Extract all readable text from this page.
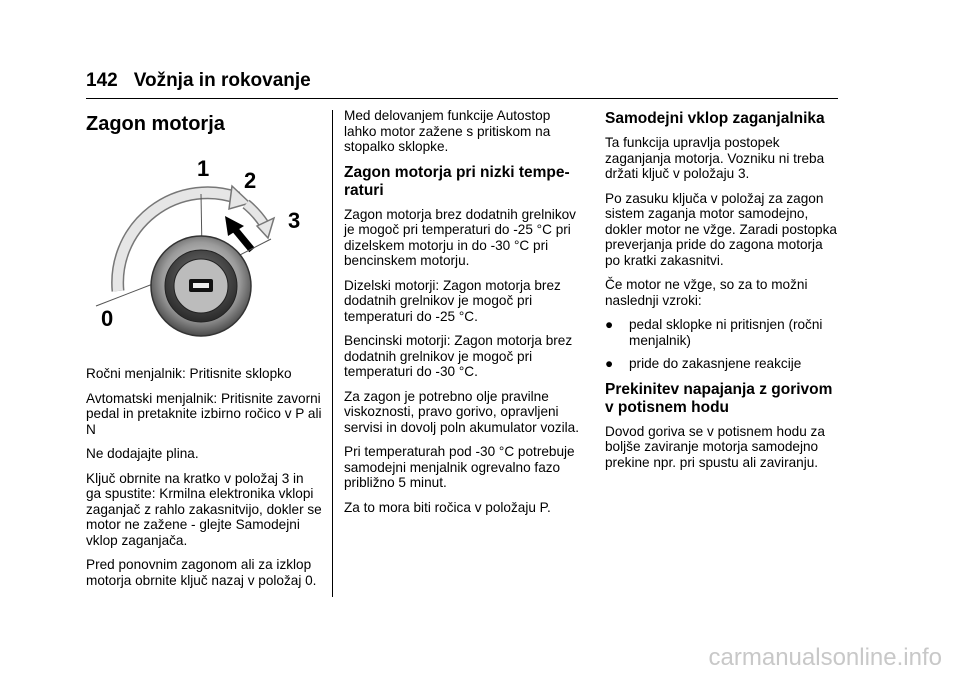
142 Vožnja in rokovanje
Zagon motorja
1 2
3
0

Ročni menjalnik: Pritisnite sklopko

Avtomatski menjalnik: Pritisnite zavorni pedal in pretaknite izbirno ročico v P ali N

Ne dodajajte plina.

Ključ obrnite na kratko v položaj 3 in ga spustite: Krmilna elektronika vklopi zaganjač z rahlo zakasnitvijo, dokler se motor ne zažene - glejte Samodejni vklop zaganjača.

Pred ponovnim zagonom ali za izklop motorja obrnite ključ nazaj v položaj 0.

Med delovanjem funkcije Autostop lahko motor zažene s pritiskom na stopalko sklopke.

Zagon motorja pri nizki temperaturi

Zagon motorja brez dodatnih grelnikov je mogoč pri temperaturi do -25 °C pri dizelskem motorju in do -30 °C pri bencinskem motorju.

Dizelski motorji: Zagon motorja brez dodatnih grelnikov je mogoč pri temperaturi do -25 °C.

Bencinski motorji: Zagon motorja brez dodatnih grelnikov je mogoč pri temperaturi do -30 °C.

Za zagon je potrebno olje pravilne viskoznosti, pravo gorivo, opravljeni servisi in dovolj poln akumulator vozila.

Pri temperaturah pod -30 °C potrebuje samodejni menjalnik ogrevalno fazo približno 5 minut.

Za to mora biti ročica v položaju P.

Samodejni vklop zaganjalnika

Ta funkcija upravlja postopek zaganjanja motorja. Vozniku ni treba držati ključ v položaju 3.

Po zasuku ključa v položaj za zagon sistem zaganja motor samodejno, dokler motor ne vžge. Zaradi postopka preverjanja pride do zagona motorja po kratki zakasnitvi.

Če motor ne vžge, so za to možni naslednji vzroki:

● pedal sklopke ni pritisnjen (ročni menjalnik)
● pride do zakasnjene reakcije
Prekinitev napajanja z gorivom v potisnem hodu

Dovod goriva se v potisnem hodu za boljše zaviranje motorja samodejno prekine npr. pri spustu ali zaviranju.

carmanualsonline.info
